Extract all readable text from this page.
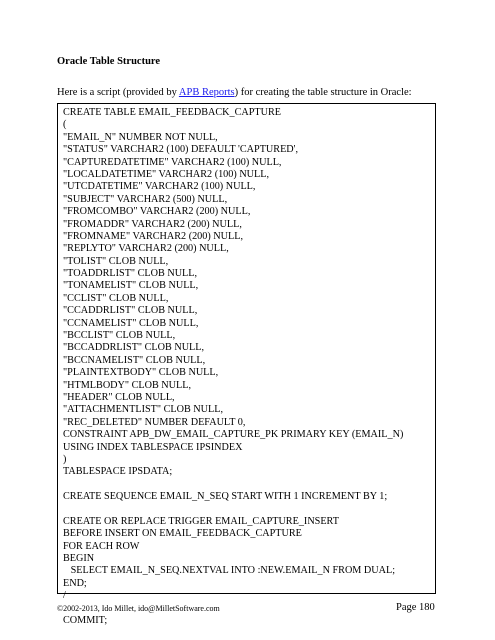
Oracle Table Structure
Here is a script (provided by APB Reports) for creating the table structure in Oracle:
CREATE TABLE EMAIL_FEEDBACK_CAPTURE
(
"EMAIL_N" NUMBER NOT NULL,
"STATUS" VARCHAR2 (100) DEFAULT 'CAPTURED',
"CAPTUREDATETIME" VARCHAR2 (100) NULL,
"LOCALDATETIME" VARCHAR2 (100) NULL,
"UTCDATETIME" VARCHAR2 (100) NULL,
"SUBJECT" VARCHAR2 (500) NULL,
"FROMCOMBO" VARCHAR2 (200) NULL,
"FROMADDR" VARCHAR2 (200) NULL,
"FROMNAME" VARCHAR2 (200) NULL,
"REPLYTO" VARCHAR2 (200) NULL,
"TOLIST" CLOB NULL,
"TOADDRLIST" CLOB NULL,
"TONAMELIST" CLOB NULL,
"CCLIST" CLOB NULL,
"CCADDRLIST" CLOB NULL,
"CCNAMELIST" CLOB NULL,
"BCCLIST" CLOB NULL,
"BCCADDRLIST" CLOB NULL,
"BCCNAMELIST" CLOB NULL,
"PLAINTEXTBODY" CLOB NULL,
"HTMLBODY" CLOB NULL,
"HEADER" CLOB NULL,
"ATTACHMENTLIST" CLOB NULL,
"REC_DELETED" NUMBER DEFAULT 0,
CONSTRAINT APB_DW_EMAIL_CAPTURE_PK PRIMARY KEY (EMAIL_N)
USING INDEX TABLESPACE IPSINDEX
)
TABLESPACE IPSDATA;
CREATE SEQUENCE EMAIL_N_SEQ START WITH 1 INCREMENT BY 1;
CREATE OR REPLACE TRIGGER EMAIL_CAPTURE_INSERT
BEFORE INSERT ON EMAIL_FEEDBACK_CAPTURE
FOR EACH ROW
BEGIN
SELECT EMAIL_N_SEQ.NEXTVAL INTO :NEW.EMAIL_N FROM DUAL;
END;
/
COMMIT;
©2002-2013, Ido Millet, ido@MilletSoftware.com	Page 180
